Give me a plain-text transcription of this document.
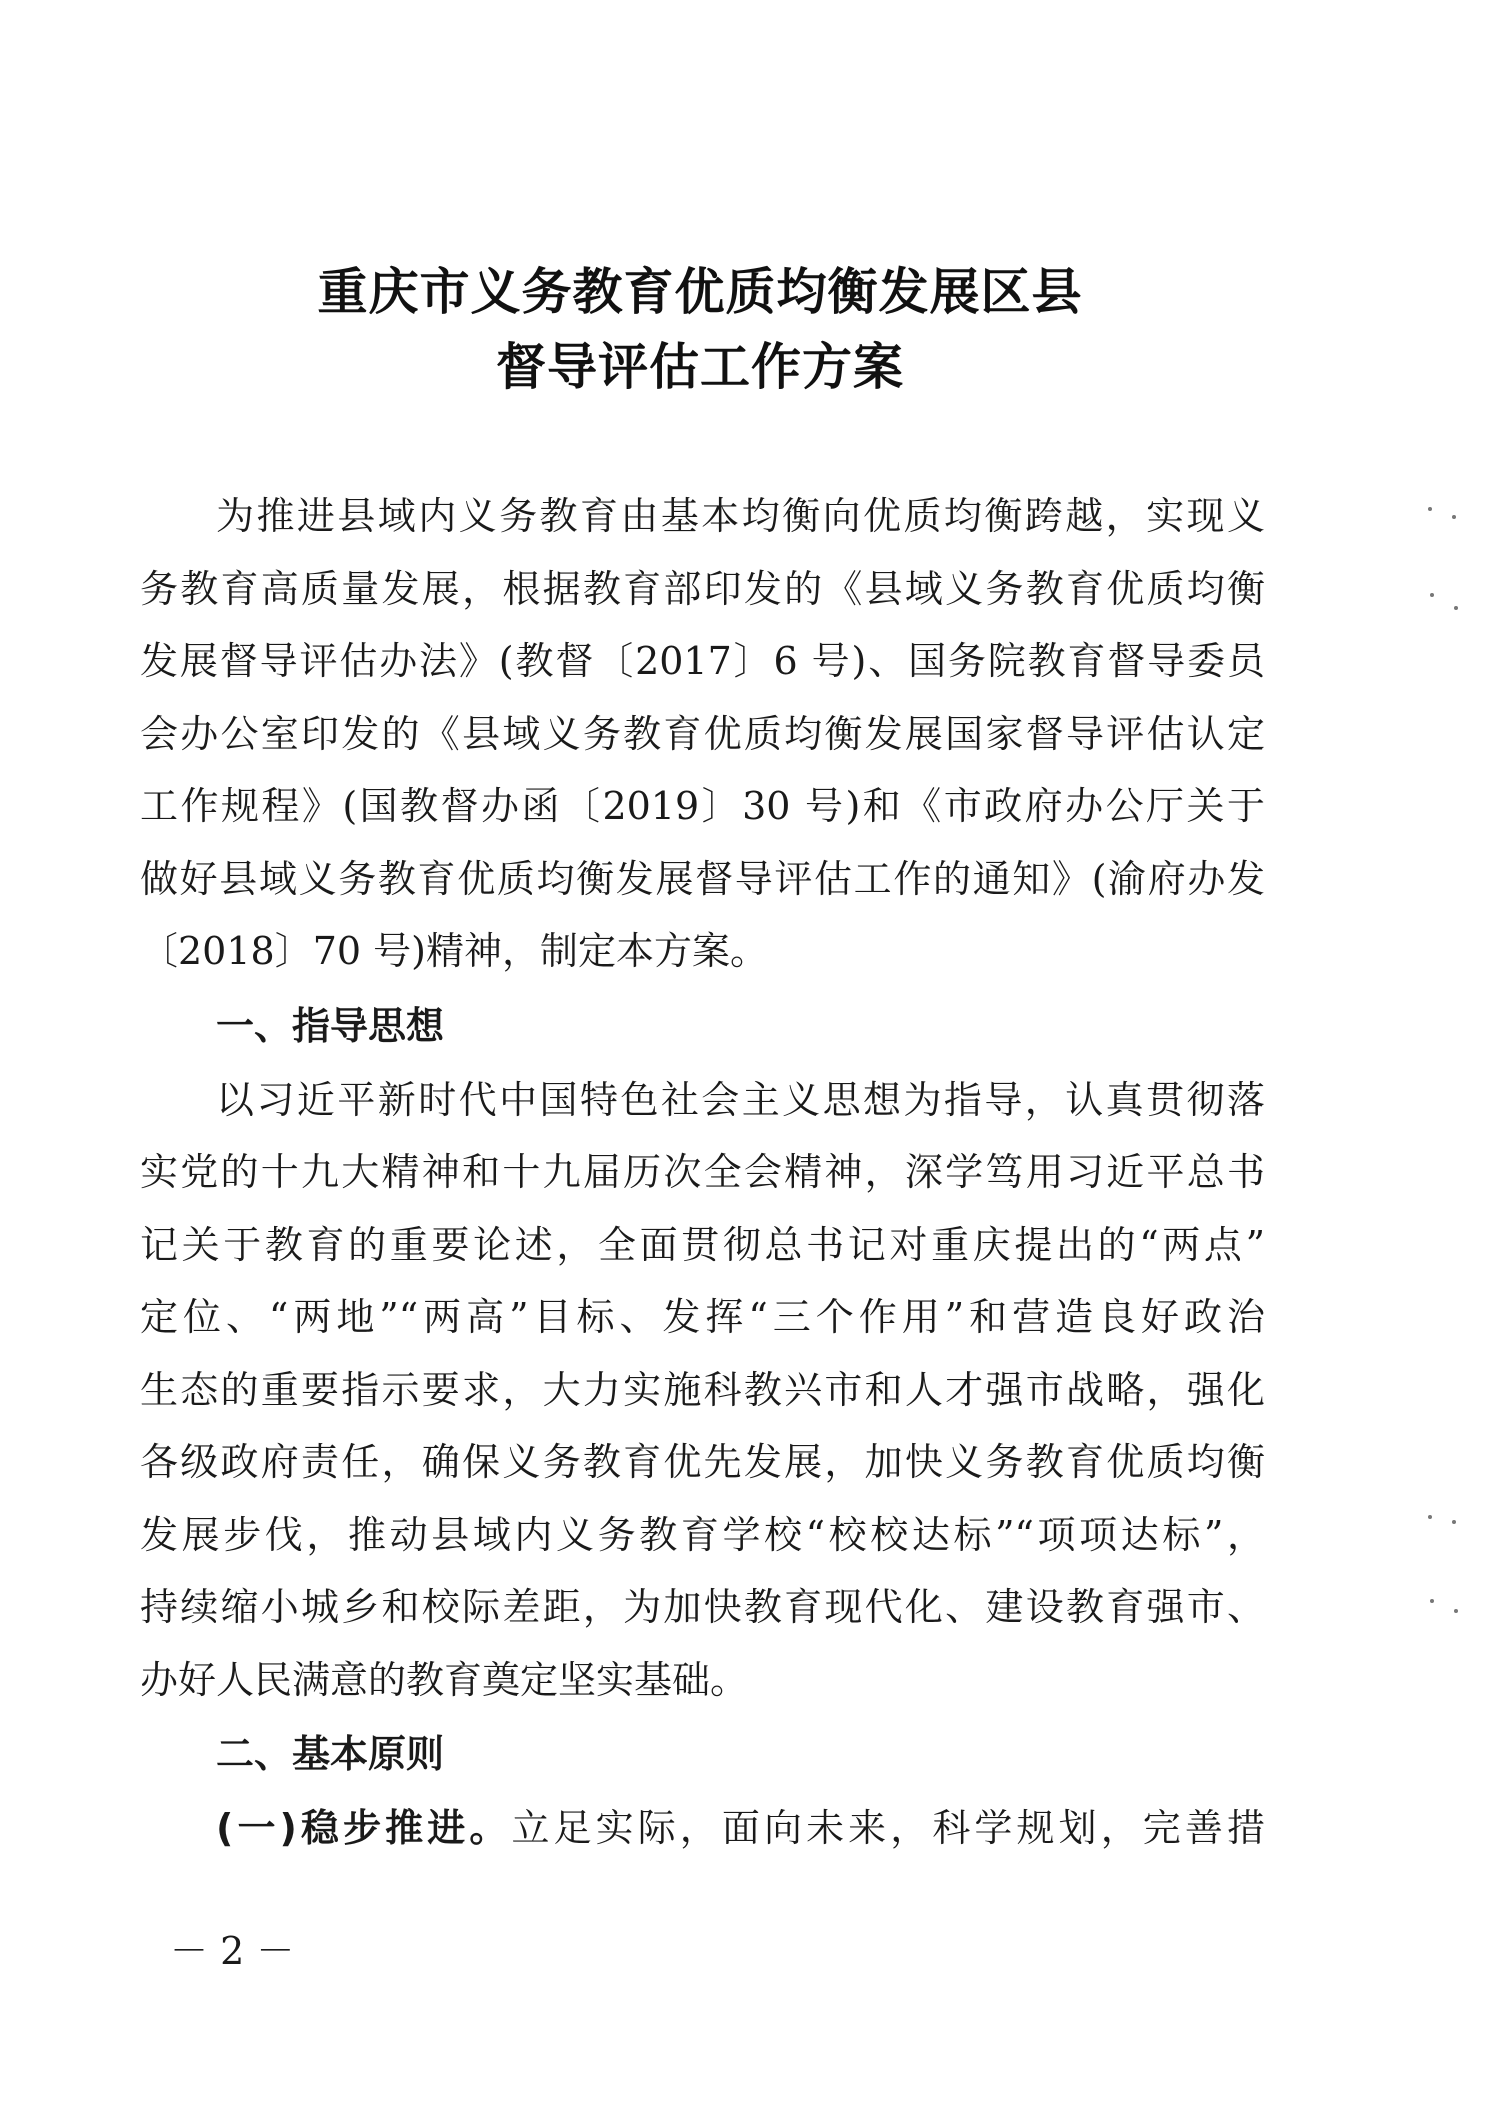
重庆市义务教育优质均衡发展区县
督导评估工作方案
为推进县域内义务教育由基本均衡向优质均衡跨越，实现义
务教育高质量发展，根据教育部印发的《县域义务教育优质均衡
发展督导评估办法》(教督〔2017〕6 号)、国务院教育督导委员
会办公室印发的《县域义务教育优质均衡发展国家督导评估认定
工作规程》(国教督办函〔2019〕30 号)和《市政府办公厅关于
做好县域义务教育优质均衡发展督导评估工作的通知》(渝府办发
〔2018〕70 号)精神，制定本方案。
一、指导思想
以习近平新时代中国特色社会主义思想为指导，认真贯彻落
实党的十九大精神和十九届历次全会精神，深学笃用习近平总书
记关于教育的重要论述，全面贯彻总书记对重庆提出的“两点”
定位、“两地”“两高”目标、发挥“三个作用”和营造良好政治
生态的重要指示要求，大力实施科教兴市和人才强市战略，强化
各级政府责任，确保义务教育优先发展，加快义务教育优质均衡
发展步伐，推动县域内义务教育学校“校校达标”“项项达标”，
持续缩小城乡和校际差距，为加快教育现代化、建设教育强市、
办好人民满意的教育奠定坚实基础。
二、基本原则
(一)稳步推进。立足实际，面向未来，科学规划，完善措
－ 2 －
